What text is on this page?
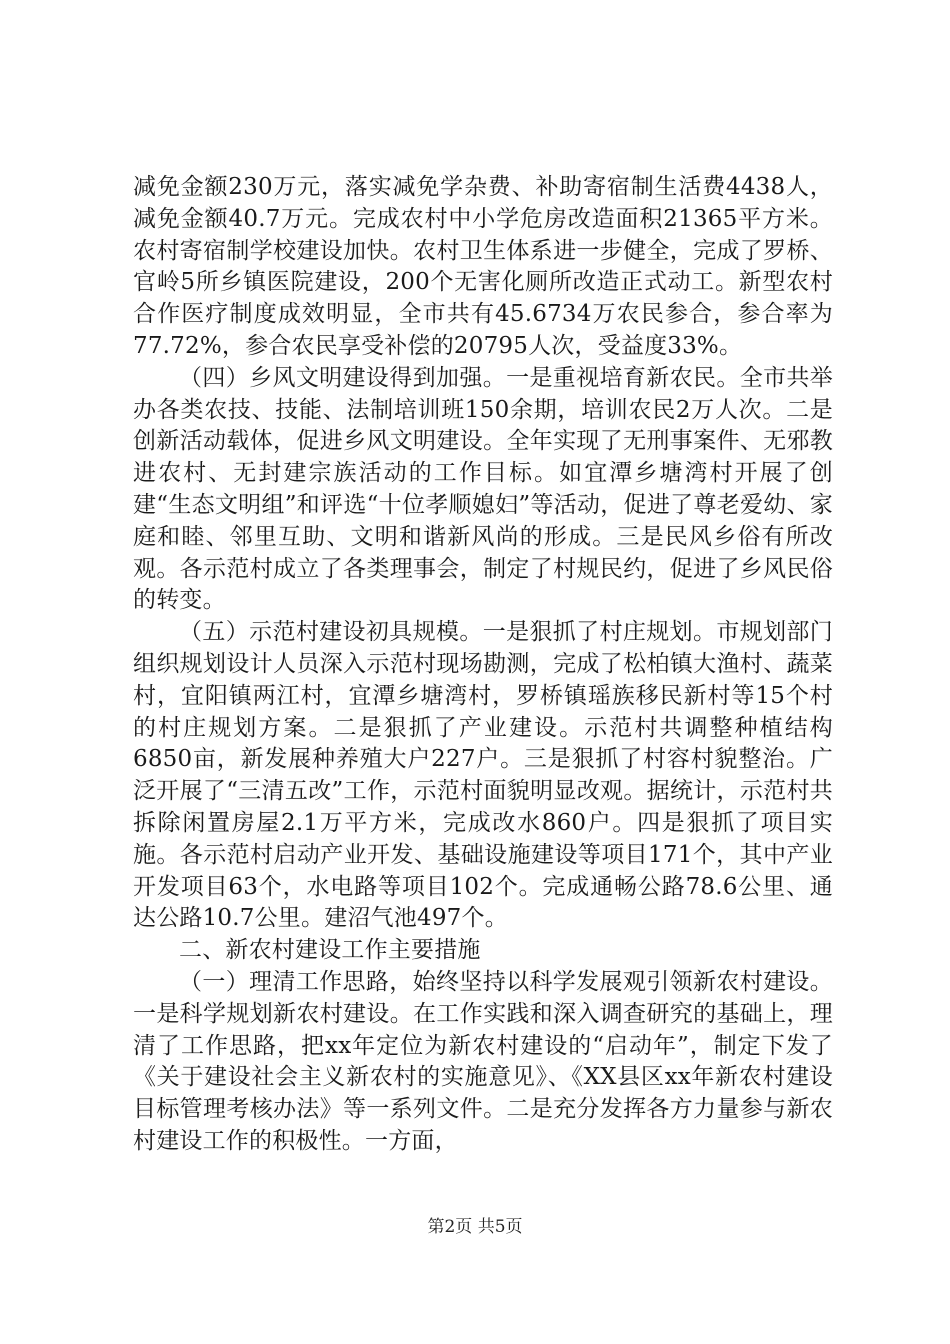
减免金额230万元，落实减免学杂费、补助寄宿制生活费4438人，减免金额40.7万元。完成农村中小学危房改造面积21365平方米。农村寄宿制学校建设加快。农村卫生体系进一步健全，完成了罗桥、官岭5所乡镇医院建设，200个无害化厕所改造正式动工。新型农村合作医疗制度成效明显，全市共有45.6734万农民参合，参合率为77.72%，参合农民享受补偿的20795人次，受益度33%。

（四）乡风文明建设得到加强。一是重视培育新农民。全市共举办各类农技、技能、法制培训班150余期，培训农民2万人次。二是创新活动载体，促进乡风文明建设。全年实现了无刑事案件、无邪教进农村、无封建宗族活动的工作目标。如宜潭乡塘湾村开展了创建“生态文明组”和评选“十位孝顺媳妇”等活动，促进了尊老爱幼、家庭和睦、邻里互助、文明和谐新风尚的形成。三是民风乡俗有所改观。各示范村成立了各类理事会，制定了村规民约，促进了乡风民俗的转变。

（五）示范村建设初具规模。一是狠抓了村庄规划。市规划部门组织规划设计人员深入示范村现场勘测，完成了松柏镇大渔村、蔬菜村，宜阳镇两江村，宜潭乡塘湾村，罗桥镇瑶族移民新村等15个村的村庄规划方案。二是狠抓了产业建设。示范村共调整种植结构6850亩，新发展种养殖大户227户。三是狠抓了村容村貌整治。广泛开展了“三清五改”工作，示范村面貌明显改观。据统计，示范村共拆除闲置房屋2.1万平方米，完成改水860户。四是狠抓了项目实施。各示范村启动产业开发、基础设施建设等项目171个，其中产业开发项目63个，水电路等项目102个。完成通畅公路78.6公里、通达公路10.7公里。建沼气池497个。

二、新农村建设工作主要措施

（一）理清工作思路，始终坚持以科学发展观引领新农村建设。一是科学规划新农村建设。在工作实践和深入调查研究的基础上，理清了工作思路，把xx年定位为新农村建设的“启动年”，制定下发了《关于建设社会主义新农村的实施意见》、《XX县区xx年新农村建设目标管理考核办法》等一系列文件。二是充分发挥各方力量参与新农村建设工作的积极性。一方面，

第2页 共5页
